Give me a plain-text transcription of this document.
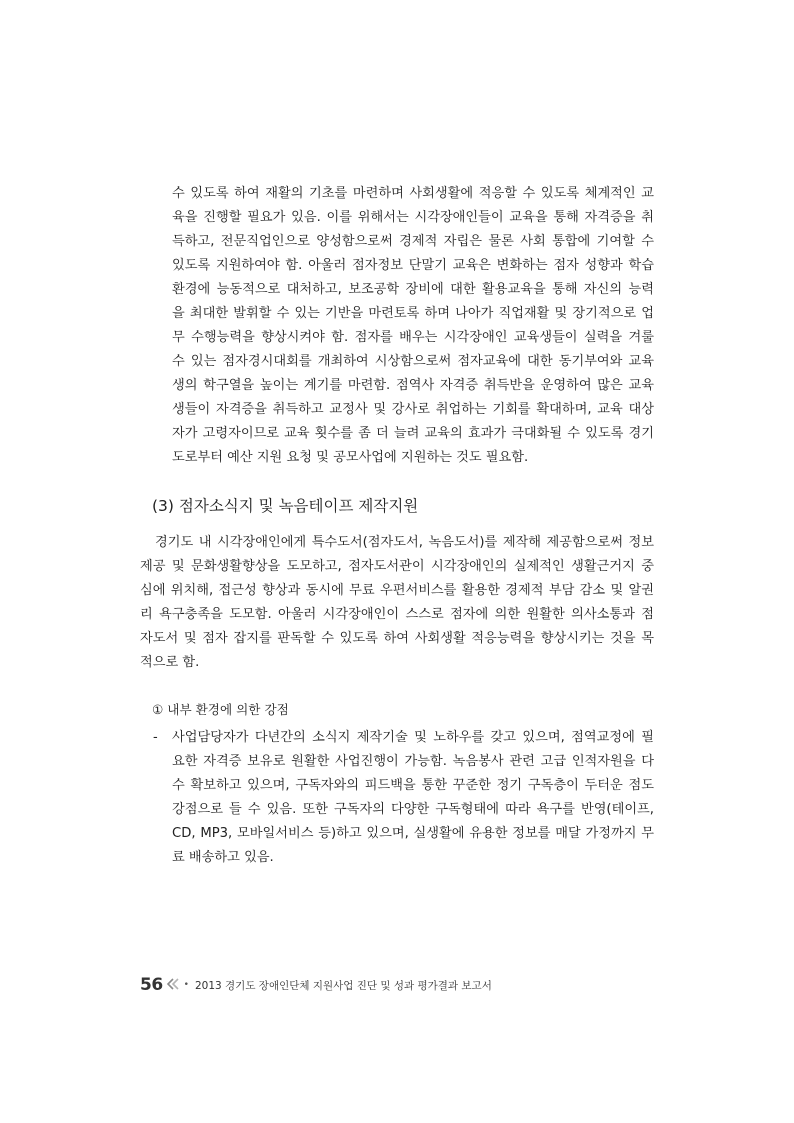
수 있도록 하여 재활의 기초를 마련하며 사회생활에 적응할 수 있도록 체계적인 교
육을 진행할 필요가 있음. 이를 위해서는 시각장애인들이 교육을 통해 자격증을 취
득하고, 전문직업인으로 양성함으로써 경제적 자립은 물론 사회 통합에 기여할 수
있도록 지원하여야 함. 아울러 점자정보 단말기 교육은 변화하는 점자 성향과 학습
환경에 능동적으로 대처하고, 보조공학 장비에 대한 활용교육을 통해 자신의 능력
을 최대한 발휘할 수 있는 기반을 마련토록 하며 나아가 직업재활 및 장기적으로 업
무 수행능력을 향상시켜야 함. 점자를 배우는 시각장애인 교육생들이 실력을 겨룰
수 있는 점자경시대회를 개최하여 시상함으로써 점자교육에 대한 동기부여와 교육
생의 학구열을 높이는 계기를 마련함. 점역사 자격증 취득반을 운영하여 많은 교육
생들이 자격증을 취득하고 교정사 및 강사로 취업하는 기회를 확대하며, 교육 대상
자가 고령자이므로 교육 횟수를 좀 더 늘려 교육의 효과가 극대화될 수 있도록 경기
도로부터 예산 지원 요청 및 공모사업에 지원하는 것도 필요함.
(3) 점자소식지 및 녹음테이프 제작지원
경기도 내 시각장애인에게 특수도서(점자도서, 녹음도서)를 제작해 제공함으로써 정보
제공 및 문화생활향상을 도모하고, 점자도서관이 시각장애인의 실제적인 생활근거지 중
심에 위치해, 접근성 향상과 동시에 무료 우편서비스를 활용한 경제적 부담 감소 및 알권
리 욕구충족을 도모함. 아울러 시각장애인이 스스로 점자에 의한 원활한 의사소통과 점
자도서 및 점자 잡지를 판독할 수 있도록 하여 사회생활 적응능력을 향상시키는 것을 목
적으로 함.
① 내부 환경에 의한 강점
- 사업담당자가 다년간의 소식지 제작기술 및 노하우를 갖고 있으며, 점역교정에 필
요한 자격증 보유로 원활한 사업진행이 가능함. 녹음봉사 관련 고급 인적자원을 다
수 확보하고 있으며, 구독자와의 피드백을 통한 꾸준한 정기 구독층이 두터운 점도
강점으로 들 수 있음. 또한 구독자의 다양한 구독형태에 따라 욕구를 반영(테이프,
CD, MP3, 모바일서비스 등)하고 있으며, 실생활에 유용한 정보를 매달 가정까지 무
료 배송하고 있음.
56 • 2013 경기도 장애인단체 지원사업 진단 및 성과 평가결과 보고서
